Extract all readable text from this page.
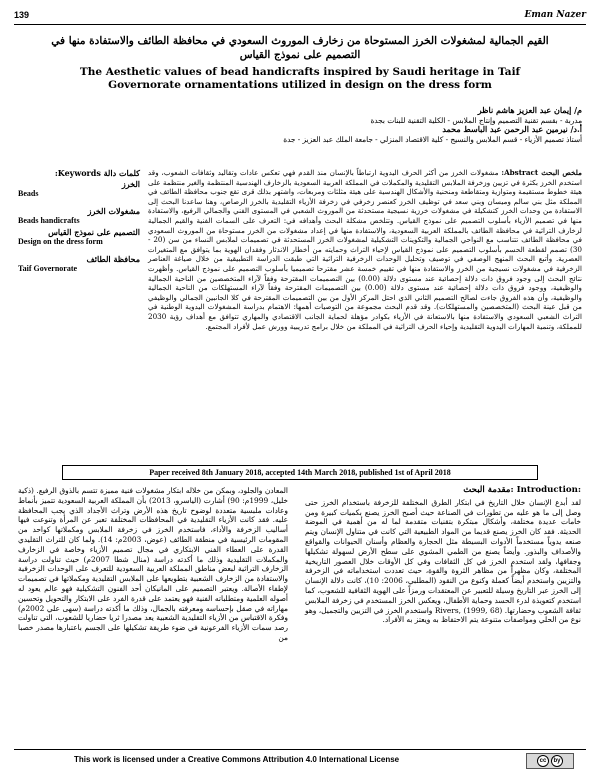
139	Eman Nazer
القيم الجمالية لمشغولات الخرز المستوحاة من زخارف الموروث السعودي في محافظة الطائف والاستفادة منها في التصميم على نموذج القياس
The Aesthetic values of bead handicrafts inspired by Saudi heritage in Taif
Governorate ornamentations utilized in design on the dress form
م/ إيمان عبد العزيز هاشم ناظر
مدربة - بقسم تقنية التصميم وإنتاج الملابس - الكلية التقنية للبنات بجدة
أ.د/ نيرمين عبد الرحمن عبد الباسط محمد
أستاذ تصميم الأزياء - قسم الملابس والنسيج - كلية الاقتصاد المنزلي - جامعة الملك عبد العزيز - جدة
كلمات دالة Keywords:
الخرز
Beads
مشغولات الخرز
Beads handicrafts
التصميم على نموذج القياس
Design on the dress form
محافظة الطائف
Taif Governorate
ملخص البحث Abstract: مشغولات الخرز من أكثر الحرف اليدوية ارتباطاً بالإنسان منذ القدم فهي تعكس عادات وتقاليد وثقافات الشعوب، وقد استخدم الخرز بكثرة في تزيين وزخرفة الملابس التقليدية والمكملات في المملكة العربية السعودية بالزخارف الهندسية المنتظمة والغير منتظمة على هيئة خطوط مستقيمة ومتوازية ومتقاطعة ومنحنية والأشكال الهندسية على هيئة مثلثات ومربعات، واشتهر بذلك قرى تقع جنوب محافظة الطائف في المملكة مثل بني سالم وميسان وبني سعد في توظيف الخرز كعنصر زخرفي في زخرفة الأزياء التقليدية بالخرز الرصاص، وهنا ساعدنا البحث إلى الاستفادة من وحدات الخرز كتشكيلة في مشغولات خرزية نسيجية مستحدثة من الموروث الشعبي في المستوى الفني والجمالي الرفيع، والاستفادة منها في تصميم الأزياء بأسلوب التصميم على نموذج القياس. وتتلخص مشكلة البحث وأهدافه في: التعرف على السمات الفنية والقيم الجمالية لزخارف التراثية في محافظة الطائف بالمملكة العربية السعودية، والاستفادة منها في إعداد مشغولات من الخرز مستوحاة من الموروث السعودي في محافظة الطائف تتناسب مع النواحي الجمالية والتكوينات التشكيلية لمشغولات الخرز المستحدثة في تصميمات لملابس النساء من سن (20 - 30) تصمم لقطعة الحسم بأسلوب التصميم على نموذج القياس لإحياء التراث وحمايته من أخطار الاندثار وفقدان الهوية بما يتوافق مع المتغيرات العصرية. وأتبع البحث المنهج الوصفي في توصيف وتحليل الوحدات الزخرفية التراثية التي طبقت الدراسة التطبيقية من خلال صياغة العناصر الزخرفية في مشغولات نسيجية من الخرز والاستفادة منها في تقييم خمسة عشر مقترحا تصميميا بأسلوب التصميم على نموذج القياس. وأظهرت نتائج البحث إلى وجود فروق ذات دلالة إحصائية عند مستوى دلالة (0.00) بين التصميمات المقترحة وفقاً لآراء المتخصصين من الناحية الجمالية والوظيفية، ووجود فروق ذات دلالة إحصائية عند مستوى دلالة (0.00) بين التصميمات المقترحة وفقاً لآراء المستهلكات من الناحية الجمالية والوظيفية، وأن هذه الفروق جاءت لصالح التصميم الثاني الذي احتل المركز الأول من بين التصميمات المقترحة في كلا الجانبين الجمالي والوظيفي من قبل عينة البحث (المتخصصين والمستهلكات). وقد قدم البحث مجموعة من التوصيات أهمها: الاهتمام بدراسة المشغولات اليدوية الوطنية في التراث الشعبي السعودي والاستفادة منها بالاستعانة في الأزياء بكوادر مؤهلة لحماية الجانب الاقتصادي والمهاري تتوافق مع أهداف رؤية 2030 للمملكة، وتنمية المهارات اليدوية التقليدية وإحياء الحرف التراثية في المملكة من خلال برامج تدريبية وورش عمل لأفراد المجتمع.
Paper received 8th January 2018, accepted 14th March 2018, published 1st of April 2018
مقدمة البحث: Introduction:
لقد أبدع الإنسان خلال التاريخ في ابتكار الطرق المختلفة للزخرفة باستخدام الخرز حتى وصل إلى ما هو عليه من تطورات في الصناعة حيث أصبح الخرز يصنع بكميات كبيرة ومن خامات عديدة مختلفة، وأشكال مبتكرة بتقنيات متقدمة لما له من أهمية في الموضة الحديثة. فقد كان الخرز يصنع قديما من المواد الطبيعية التي كانت في متناول الإنسان ويتم صنعه يدوياً مستخدماً الأدوات البسيطة مثل الحجارة والعظام وأسنان الحيوانات والقواقع والأصداف والبذور. وأيضاً يصنع من الطمي المشوي على سطح الأرض لسهولة تشكيلها وجفافها، ولقد استخدم الخرز في كل الثقافات وفي كل الأوقات خلال العصور التاريخية المختلفة، وكان مظهراً من مظاهر الثروة والقوة، حيث تعددت استخداماته في الزخرفة والتزيين واستخدم أيضاً كعملة وكنوع من النقود (المطلبي، 2006: 10)، كانت دلالة الإنسان إلى الخرز عبر التاريخ وسيلة للتعبير عن المعتقدات ورمزاً على الهوية الثقافية للشعوب، كما استخدم كتعويذة لدرء الحسد وحماية الأطفال، ويعكس الخرز المستخدم في زخرفة الملابس ثقافة الشعوب وحضارتها. Rivers, (1999, 68) واستخدم الخرز في التزيين والتجميل، وهو نوع من الحلي ومواصفات متنوعة يتم الاحتفاظ به ويعتز به الأفراد.
المعادن والجلود، وبمكن من خلاله ابتكار مشغولات فنية مميزة تتسم بالذوق الرفيع. (ذكية خليل، 1999م: 90) أشارت (الياسرو، 2013) بأن المملكة العربية السعودية تتميز بأنماط وعادات ملبسية متعددة لوضوح تاريخ هذه الأرض وتراث الأجداد الذي يجب المحافظة عليه. فقد كانت الأزياء التقليدية في المحافظات المختلفة تعبر عن المرأة وتنوعت فيها أساليب الزخرفة والأداء، فاستخدم الخرز في زخرفة الملابس ومكملاتها كواحد من المقومات الرئيسية في منطقة الطائف (عوض، 2003م: 14). ولما كان للتراث التقليدي القدرة على العطاء الفني الابتكاري في مجال تصميم الأزياء وخاصة في الزخارف والمكملات التقليدية وذلك ما أكدته دراسة (منال شطا 2007م) حيث تناولت دراسة الزخارف التراثية لبعض مناطق المملكة العربية السعودية للتعرف على الوحدات الزخرفية والاستفادة من الزخارف الشعبية بتطويعها على الملابس التقليدية ومكملاتها في تصميمات لإطفاء الأصالة. ويعتبر التصميم على المانيكان أحد الفنون التشكيلية فهو عالم يعود له أصوله العلمية ومتطلباته الفنية فهو يعتمد على قدرة الفرد على الابتكار والتحويل وتحسين مهاراته في صقل بإحساسه ومعرفته بالجمال، وذلك ما أكدته دراسة (سهى علي 2002م) وفكرة الاقتباس من الأزياء التقليدية الشعبية يعد مصدرا ثريا حضاريا للشعوب، التي تناولت رصد سمات الأزياء الفرعونية في ضوء طريقة تشكيلها على الجسم باعتبارها مصدر خصبا من
This work is licensed under a Creative Commons Attribution 4.0 International License	cc	by
